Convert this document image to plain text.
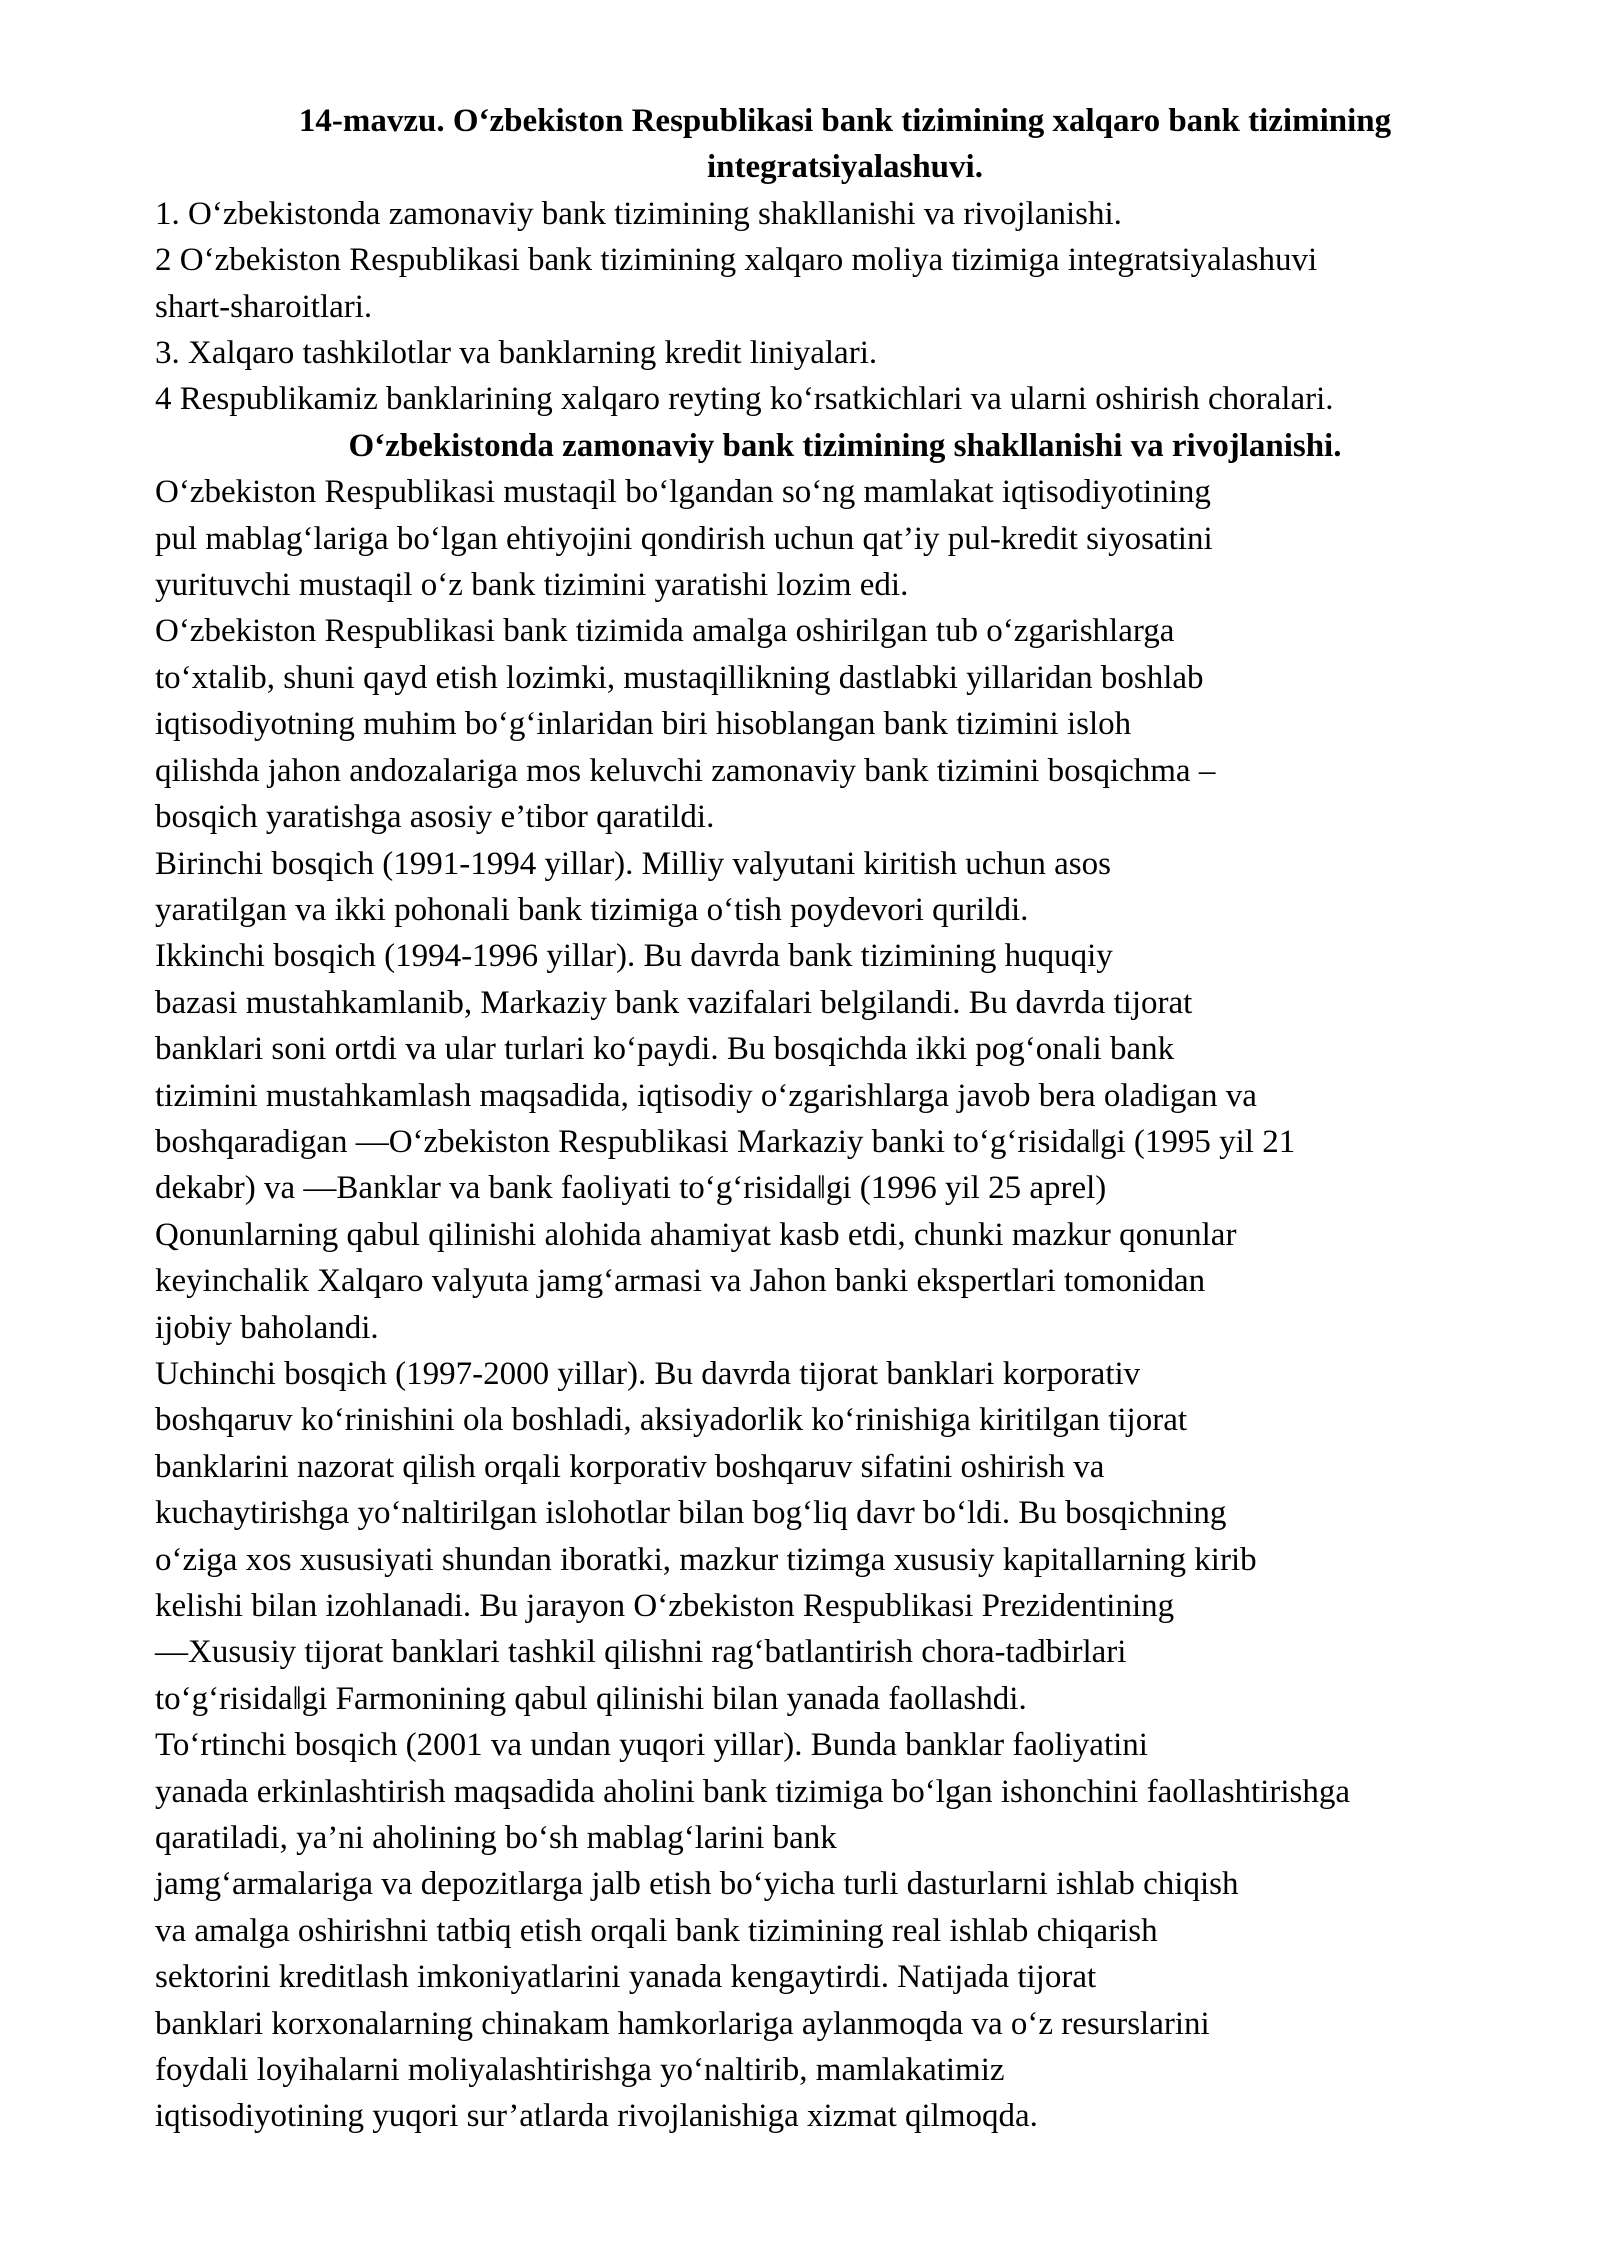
14-mavzu. O‘zbekiston Respublikasi bank tizimining xalqaro bank tizimining
integratsiyalashuvi.
1. O‘zbekistonda zamonaviy bank tizimining shakllanishi va rivojlanishi.
2 O‘zbekiston Respublikasi bank tizimining xalqaro moliya tizimiga integratsiyalashuvi
shart-sharoitlari.
3. Xalqaro tashkilotlar va banklarning kredit liniyalari.
4 Respublikamiz banklarining xalqaro reyting ko‘rsatkichlari va ularni oshirish choralari.
O‘zbekistonda zamonaviy bank tizimining shakllanishi va rivojlanishi.
O‘zbekiston Respublikasi mustaqil bo‘lgandan so‘ng mamlakat iqtisodiyotining
pul mablag‘lariga bo‘lgan ehtiyojini qondirish uchun qat’iy pul-kredit siyosatini
yurituvchi mustaqil o‘z bank tizimini yaratishi lozim edi.
O‘zbekiston Respublikasi bank tizimida amalga oshirilgan tub o‘zgarishlarga
to‘xtalib, shuni qayd etish lozimki, mustaqillikning dastlabki yillaridan boshlab
iqtisodiyotning muhim bo‘g‘inlaridan biri hisoblangan bank tizimini isloh
qilishda jahon andozalariga mos keluvchi zamonaviy bank tizimini bosqichma –
bosqich yaratishga asosiy e’tibor qaratildi.
Birinchi bosqich (1991-1994 yillar). Milliy valyutani kiritish uchun asos
yaratilgan va ikki pohonali bank tizimiga o‘tish poydevori qurildi.
Ikkinchi bosqich (1994-1996 yillar). Bu davrda bank tizimining huquqiy
bazasi mustahkamlanib, Markaziy bank vazifalari belgilandi. Bu davrda tijorat
banklari soni ortdi va ular turlari ko‘paydi. Bu bosqichda ikki pog‘onali bank
tizimini mustahkamlash maqsadida, iqtisodiy o‘zgarishlarga javob bera oladigan va
boshqaradigan ―O‘zbekiston Respublikasi Markaziy banki to‘g‘risida‖gi (1995 yil 21
dekabr) va ―Banklar va bank faoliyati to‘g‘risida‖gi (1996 yil 25 aprel)
Qonunlarning qabul qilinishi alohida ahamiyat kasb etdi, chunki mazkur qonunlar
keyinchalik Xalqaro valyuta jamg‘armasi va Jahon banki ekspertlari tomonidan
ijobiy baholandi.
Uchinchi bosqich (1997-2000 yillar). Bu davrda tijorat banklari korporativ
boshqaruv ko‘rinishini ola boshladi, aksiyadorlik ko‘rinishiga kiritilgan tijorat
banklarini nazorat qilish orqali korporativ boshqaruv sifatini oshirish va
kuchaytirishga yo‘naltirilgan islohotlar bilan bog‘liq davr bo‘ldi. Bu bosqichning
o‘ziga xos xususiyati shundan iboratki, mazkur tizimga xususiy kapitallarning kirib
kelishi bilan izohlanadi. Bu jarayon O‘zbekiston Respublikasi Prezidentining
―Xususiy tijorat banklari tashkil qilishni rag‘batlantirish chora-tadbirlari
to‘g‘risida‖gi Farmonining qabul qilinishi bilan yanada faollashdi.
To‘rtinchi bosqich (2001 va undan yuqori yillar). Bunda banklar faoliyatini
yanada erkinlashtirish maqsadida aholini bank tizimiga bo‘lgan ishonchini faollashtirishga
qaratiladi, ya’ni aholining bo‘sh mablag‘larini bank
jamg‘armalariga va depozitlarga jalb etish bo‘yicha turli dasturlarni ishlab chiqish
va amalga oshirishni tatbiq etish orqali bank tizimining real ishlab chiqarish
sektorini kreditlash imkoniyatlarini yanada kengaytirdi. Natijada tijorat
banklari korxonalarning chinakam hamkorlariga aylanmoqda va o‘z resurslarini
foydali loyihalarni moliyalashtirishga yo‘naltirib, mamlakatimiz
iqtisodiyotining yuqori sur’atlarda rivojlanishiga xizmat qilmoqda.
